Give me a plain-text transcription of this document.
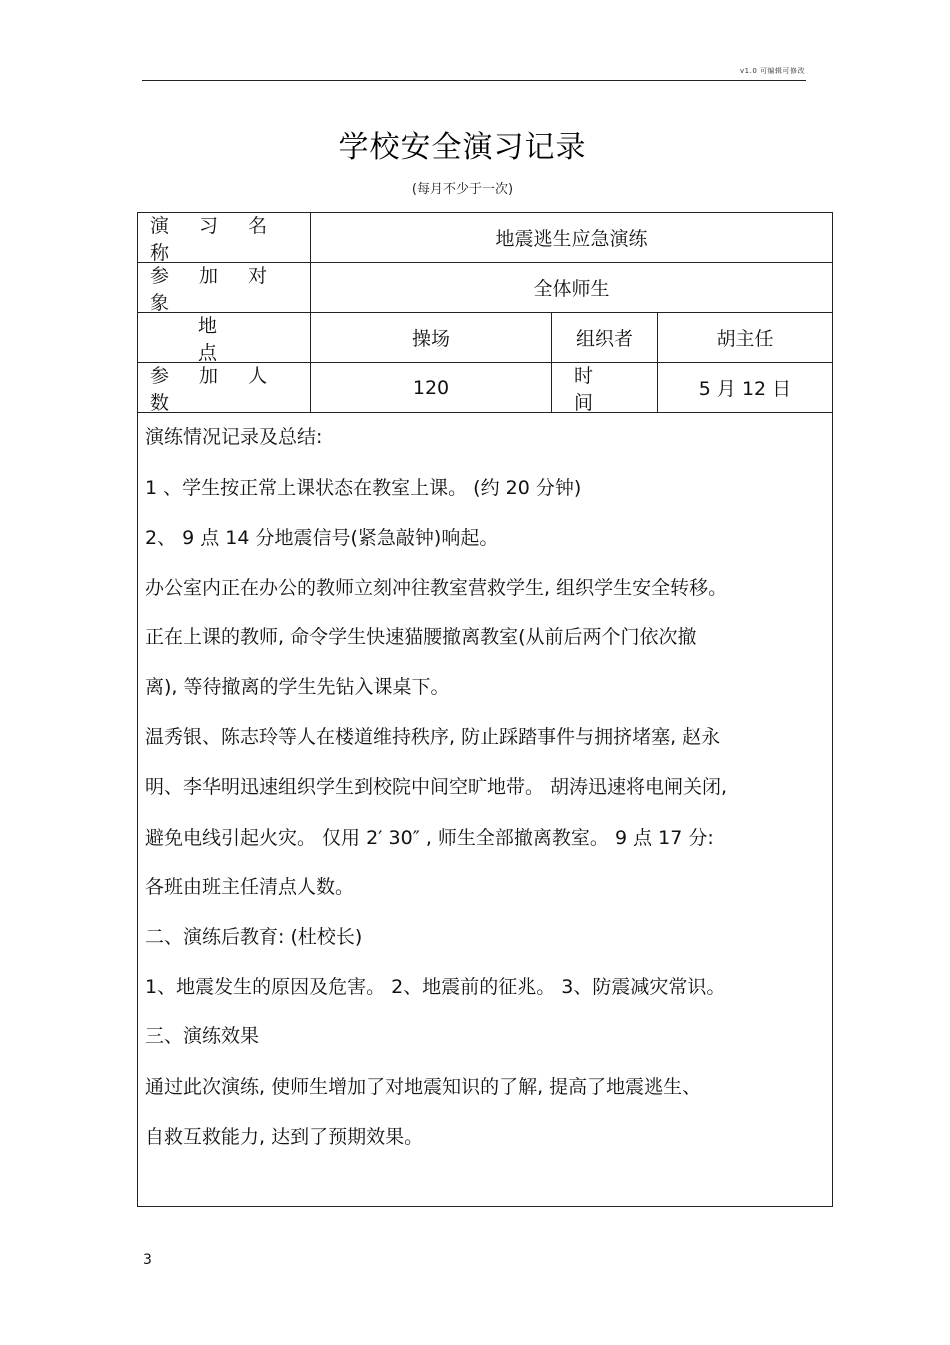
v1.0 可编辑可修改
学校安全演习记录
(每月不少于一次)
演 习 名 称
地震逃生应急演练
参 加 对 象
全体师生
地 点
操场	组织者	胡主任
参 加 人 数
120
时 间
5 月 12 日
演练情况记录及总结:
1 、学生按正常上课状态在教室上课。 (约 20 分钟)
2、 9 点 14 分地震信号(紧急敲钟)响起。
办公室内正在办公的教师立刻冲往教室营救学生, 组织学生安全转移。
正在上课的教师, 命令学生快速猫腰撤离教室(从前后两个门依次撤
离), 等待撤离的学生先钻入课桌下。
温秀银、陈志玲等人在楼道维持秩序, 防止踩踏事件与拥挤堵塞, 赵永
明、李华明迅速组织学生到校院中间空旷地带。 胡涛迅速将电闸关闭,
避免电线引起火灾。 仅用 2′ 30″ , 师生全部撤离教室。 9 点 17 分:
各班由班主任清点人数。
二、演练后教育: (杜校长)
1、地震发生的原因及危害。 2、地震前的征兆。 3、防震减灾常识。
三、演练效果
通过此次演练, 使师生增加了对地震知识的了解, 提高了地震逃生、
自救互救能力, 达到了预期效果。
3
